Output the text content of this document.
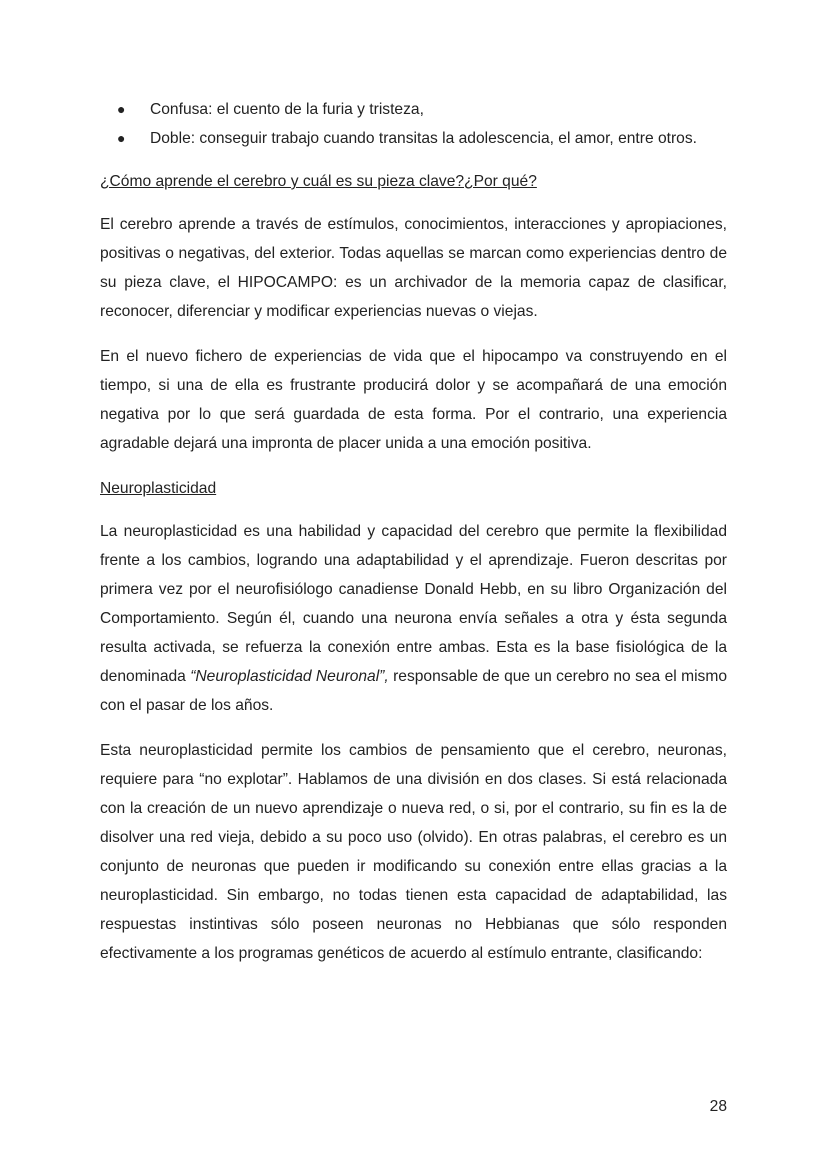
● Confusa: el cuento de la furia y tristeza,
● Doble: conseguir trabajo cuando transitas la adolescencia, el amor, entre otros.
¿Cómo aprende el cerebro y cuál es su pieza clave?¿Por qué?

El cerebro aprende a través de estímulos, conocimientos, interacciones y apropiaciones, positivas o negativas, del exterior. Todas aquellas se marcan como experiencias dentro de su pieza clave, el HIPOCAMPO: es un archivador de la memoria capaz de clasificar, reconocer, diferenciar y modificar experiencias nuevas o viejas.

En el nuevo fichero de experiencias de vida que el hipocampo va construyendo en el tiempo, si una de ella es frustrante producirá dolor y se acompañará de una emoción negativa por lo que será guardada de esta forma. Por el contrario, una experiencia agradable dejará una impronta de placer unida a una emoción positiva.

Neuroplasticidad

La neuroplasticidad es una habilidad y capacidad del cerebro que permite la flexibilidad frente a los cambios, logrando una adaptabilidad y el aprendizaje. Fueron descritas por primera vez por el neurofisiólogo canadiense Donald Hebb, en su libro Organización del Comportamiento. Según él, cuando una neurona envía señales a otra y ésta segunda resulta activada, se refuerza la conexión entre ambas. Esta es la base fisiológica de la denominada “Neuroplasticidad Neuronal”, responsable de que un cerebro no sea el mismo con el pasar de los años.

Esta neuroplasticidad permite los cambios de pensamiento que el cerebro, neuronas, requiere para “no explotar”. Hablamos de una división en dos clases. Si está relacionada con la creación de un nuevo aprendizaje o nueva red, o si, por el contrario, su fin es la de disolver una red vieja, debido a su poco uso (olvido). En otras palabras, el cerebro es un conjunto de neuronas que pueden ir modificando su conexión entre ellas gracias a la neuroplasticidad. Sin embargo, no todas tienen esta capacidad de adaptabilidad, las respuestas instintivas sólo poseen neuronas no Hebbianas que sólo responden efectivamente a los programas genéticos de acuerdo al estímulo entrante, clasificando:

28
